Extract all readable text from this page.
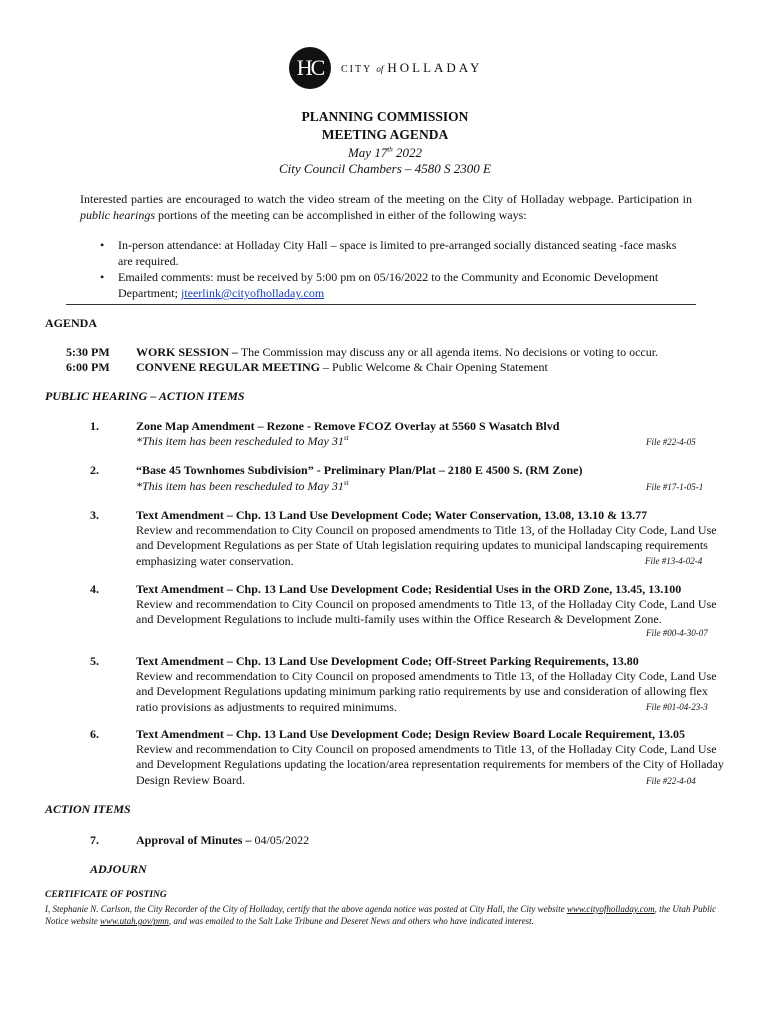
HC CITY of HOLLADAY
PLANNING COMMISSION
MEETING AGENDA
May 17th 2022
City Council Chambers – 4580 S 2300 E
Interested parties are encouraged to watch the video stream of the meeting on the City of Holladay webpage. Participation in public hearings portions of the meeting can be accomplished in either of the following ways:
• In-person attendance: at Holladay City Hall – space is limited to pre-arranged socially distanced seating -face masks are required.
• Emailed comments: must be received by 5:00 pm on 05/16/2022 to the Community and Economic Development Department; jteerlink@cityofholladay.com
AGENDA
5:30 PM WORK SESSION – The Commission may discuss any or all agenda items. No decisions or voting to occur.
6:00 PM CONVENE REGULAR MEETING – Public Welcome & Chair Opening Statement
PUBLIC HEARING – ACTION ITEMS
1.	Zone Map Amendment – Rezone - Remove FCOZ Overlay at 5560 S Wasatch Blvd
*This item has been rescheduled to May 31st	File #22-4-05
2.	“Base 45 Townhomes Subdivision” - Preliminary Plan/Plat – 2180 E 4500 S. (RM Zone)
*This item has been rescheduled to May 31st	File #17-1-05-1
3.	Text Amendment – Chp. 13 Land Use Development Code; Water Conservation, 13.08, 13.10 & 13.77
Review and recommendation to City Council on proposed amendments to Title 13, of the Holladay City Code, Land Use and Development Regulations as per State of Utah legislation requiring updates to municipal landscaping requirements emphasizing water conservation.	File #13-4-02-4
4.	Text Amendment – Chp. 13 Land Use Development Code; Residential Uses in the ORD Zone, 13.45, 13.100
Review and recommendation to City Council on proposed amendments to Title 13, of the Holladay City Code, Land Use and Development Regulations to include multi-family uses within the Office Research & Development Zone.
File #00-4-30-07
5.	Text Amendment – Chp. 13 Land Use Development Code; Off-Street Parking Requirements, 13.80
Review and recommendation to City Council on proposed amendments to Title 13, of the Holladay City Code, Land Use and Development Regulations updating minimum parking ratio requirements by use and consideration of allowing flex ratio provisions as adjustments to required minimums.	File #01-04-23-3
6.	Text Amendment – Chp. 13 Land Use Development Code; Design Review Board Locale Requirement, 13.05
Review and recommendation to City Council on proposed amendments to Title 13, of the Holladay City Code, Land Use and Development Regulations updating the location/area representation requirements for members of the City of Holladay Design Review Board.	File #22-4-04
ACTION ITEMS
7.	Approval of Minutes – 04/05/2022
ADJOURN
CERTIFICATE OF POSTING
I, Stephanie N. Carlson, the City Recorder of the City of Holladay, certify that the above agenda notice was posted at City Hall, the City website www.cityofholladay.com, the Utah Public Notice website www.utah.gov/pmn, and was emailed to the Salt Lake Tribune and Deseret News and others who have indicated interest.
